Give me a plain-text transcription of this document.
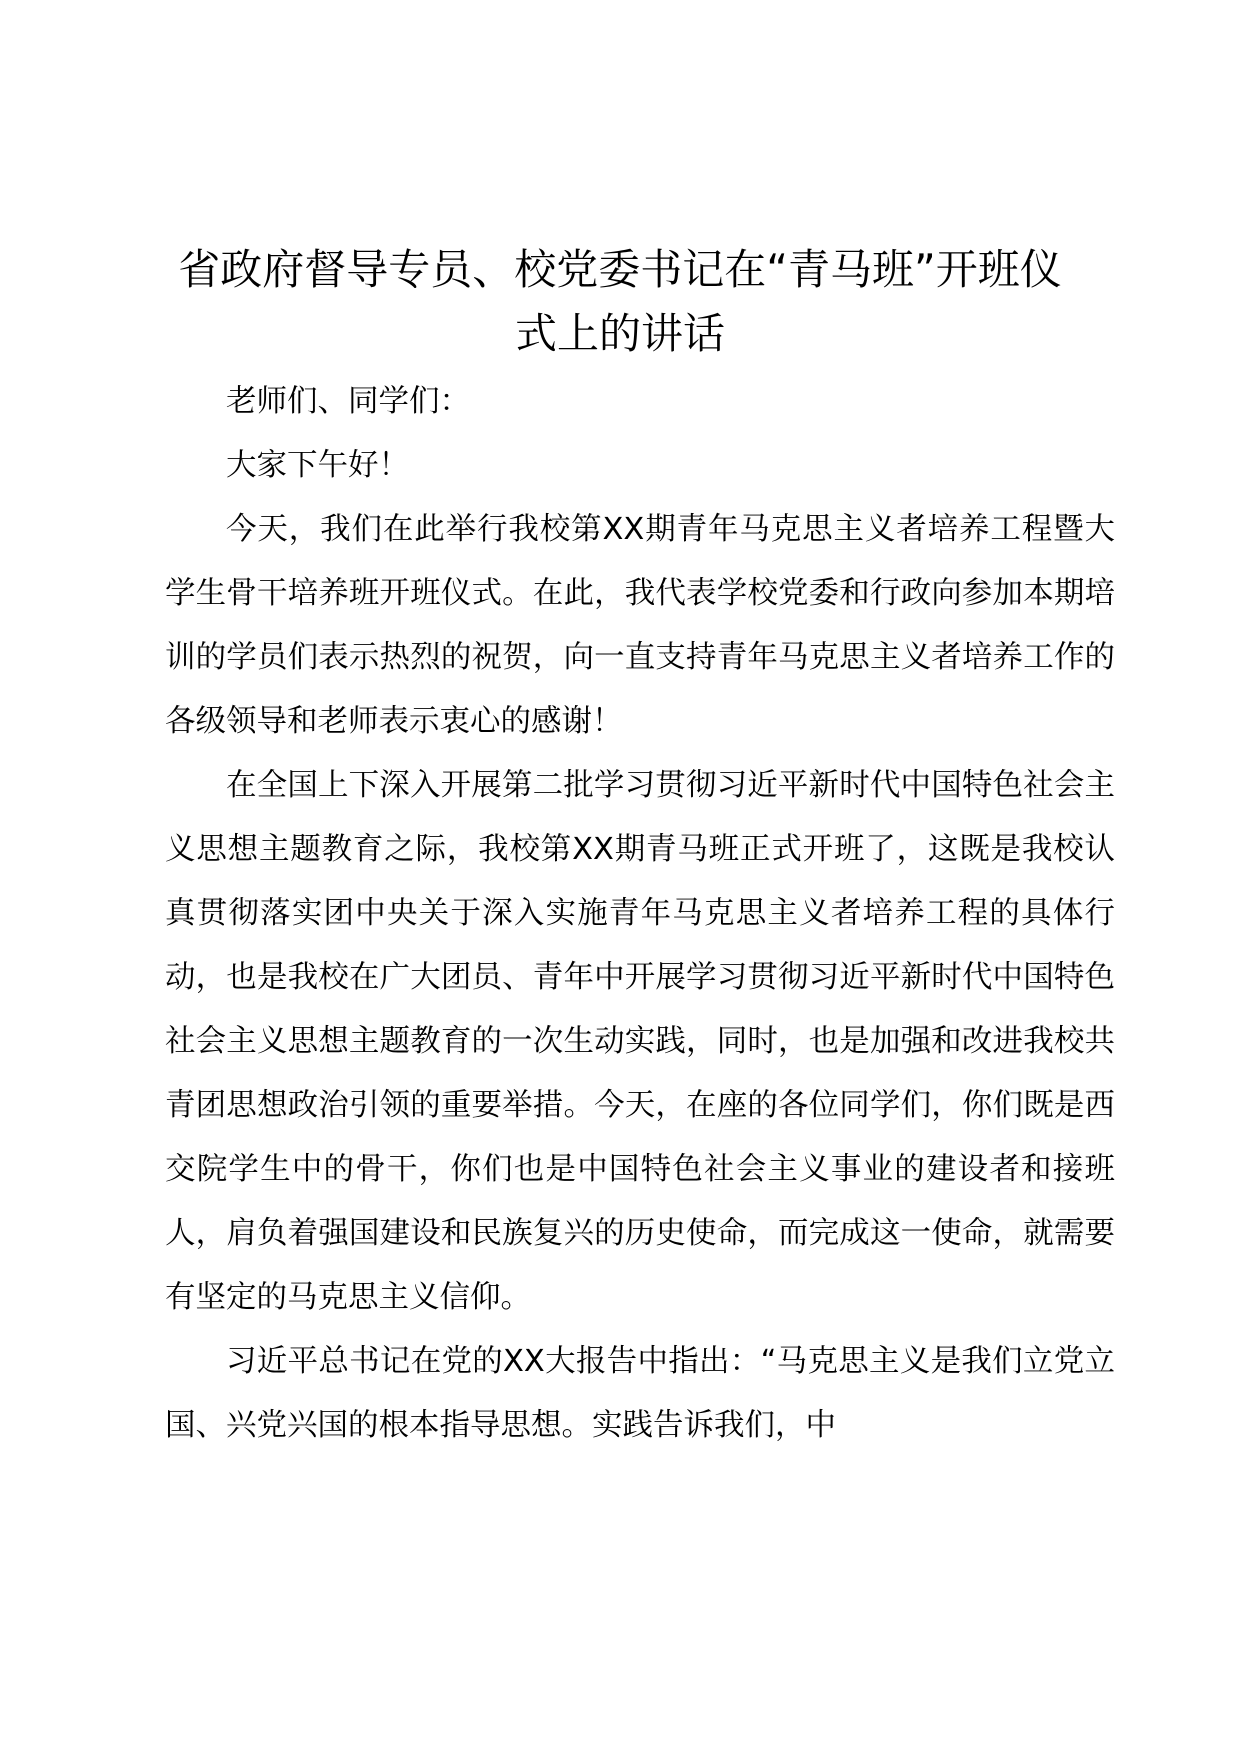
省政府督导专员、校党委书记在“青马班”开班仪式上的讲话

老师们、同学们：

大家下午好！

今天，我们在此举行我校第XX期青年马克思主义者培养工程暨大学生骨干培养班开班仪式。在此，我代表学校党委和行政向参加本期培训的学员们表示热烈的祝贺，向一直支持青年马克思主义者培养工作的各级领导和老师表示衷心的感谢！

在全国上下深入开展第二批学习贯彻习近平新时代中国特色社会主义思想主题教育之际，我校第XX期青马班正式开班了，这既是我校认真贯彻落实团中央关于深入实施青年马克思主义者培养工程的具体行动，也是我校在广大团员、青年中开展学习贯彻习近平新时代中国特色社会主义思想主题教育的一次生动实践，同时，也是加强和改进我校共青团思想政治引领的重要举措。今天，在座的各位同学们，你们既是西交院学生中的骨干，你们也是中国特色社会主义事业的建设者和接班人，肩负着强国建设和民族复兴的历史使命，而完成这一使命，就需要有坚定的马克思主义信仰。

习近平总书记在党的XX大报告中指出：“马克思主义是我们立党立国、兴党兴国的根本指导思想。实践告诉我们，中
